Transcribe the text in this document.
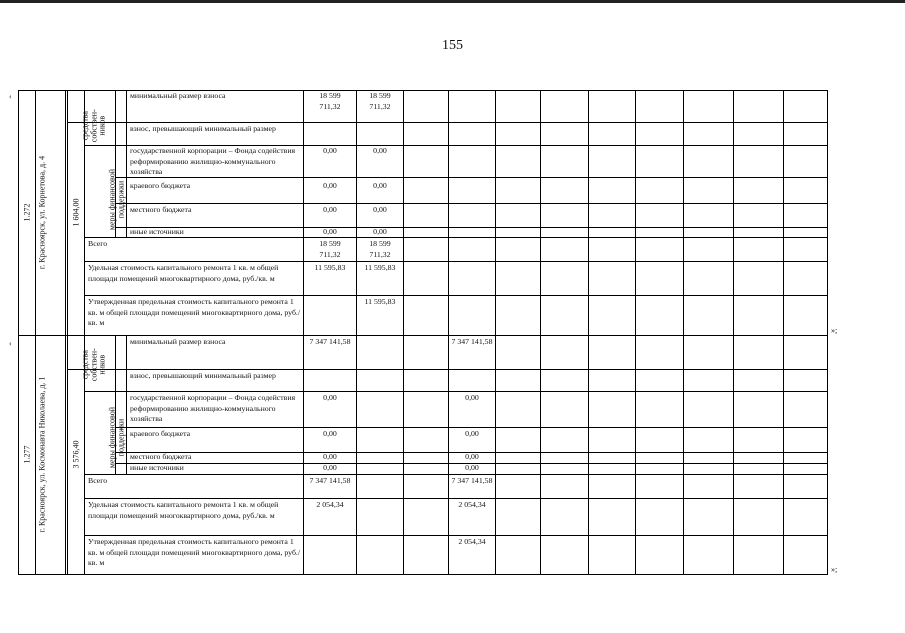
155
1.272 г. Красноярск, ул. Корнетова, д. 4	1 604,00
средства собствен-ников
меры финансовой поддержки
минимальный размер взноса
взнос, превышающий минимальный размер
государственной корпорации – Фонда содействия реформированию жилищно-коммунального хозяйства
краевого бюджета
местного бюджета
иные источники
Всего
Удельная стоимость капитального ремонта 1 кв. м общей площади помещений многоквартирного дома, руб./кв. м
Утвержденная предельная стоимость капитального ремонта 1 кв. м общей площади помещений многоквартирного дома, руб./кв. м
18 599 711,32
0,00
0,00
0,00
0,00
18 599 711,32
11 595,83
18 599 711,32
0,00
0,00
0,00
0,00
18 599 711,32
11 595,83
11 595,83
1.277 г. Красноярск, ул. Космонавта Николаева, д. 1	3 576,40
средства собствен-ников
меры финансовой поддержки
минимальный размер взноса
взнос, превышающий минимальный размер
государственной корпорации – Фонда содействия реформированию жилищно-коммунального хозяйства
краевого бюджета
местного бюджета
иные источники
Всего
Удельная стоимость капитального ремонта 1 кв. м общей площади помещений многоквартирного дома, руб./кв. м
Утвержденная предельная стоимость капитального ремонта 1 кв. м общей площади помещений многоквартирного дома, руб./кв. м
7 347 141,58
0,00
0,00
0,00
0,00
7 347 141,58
2 054,34
7 347 141,58
0,00
0,00
0,00
0,00
7 347 141,58
2 054,34
2 054,34
‹
‹
»;
»;
